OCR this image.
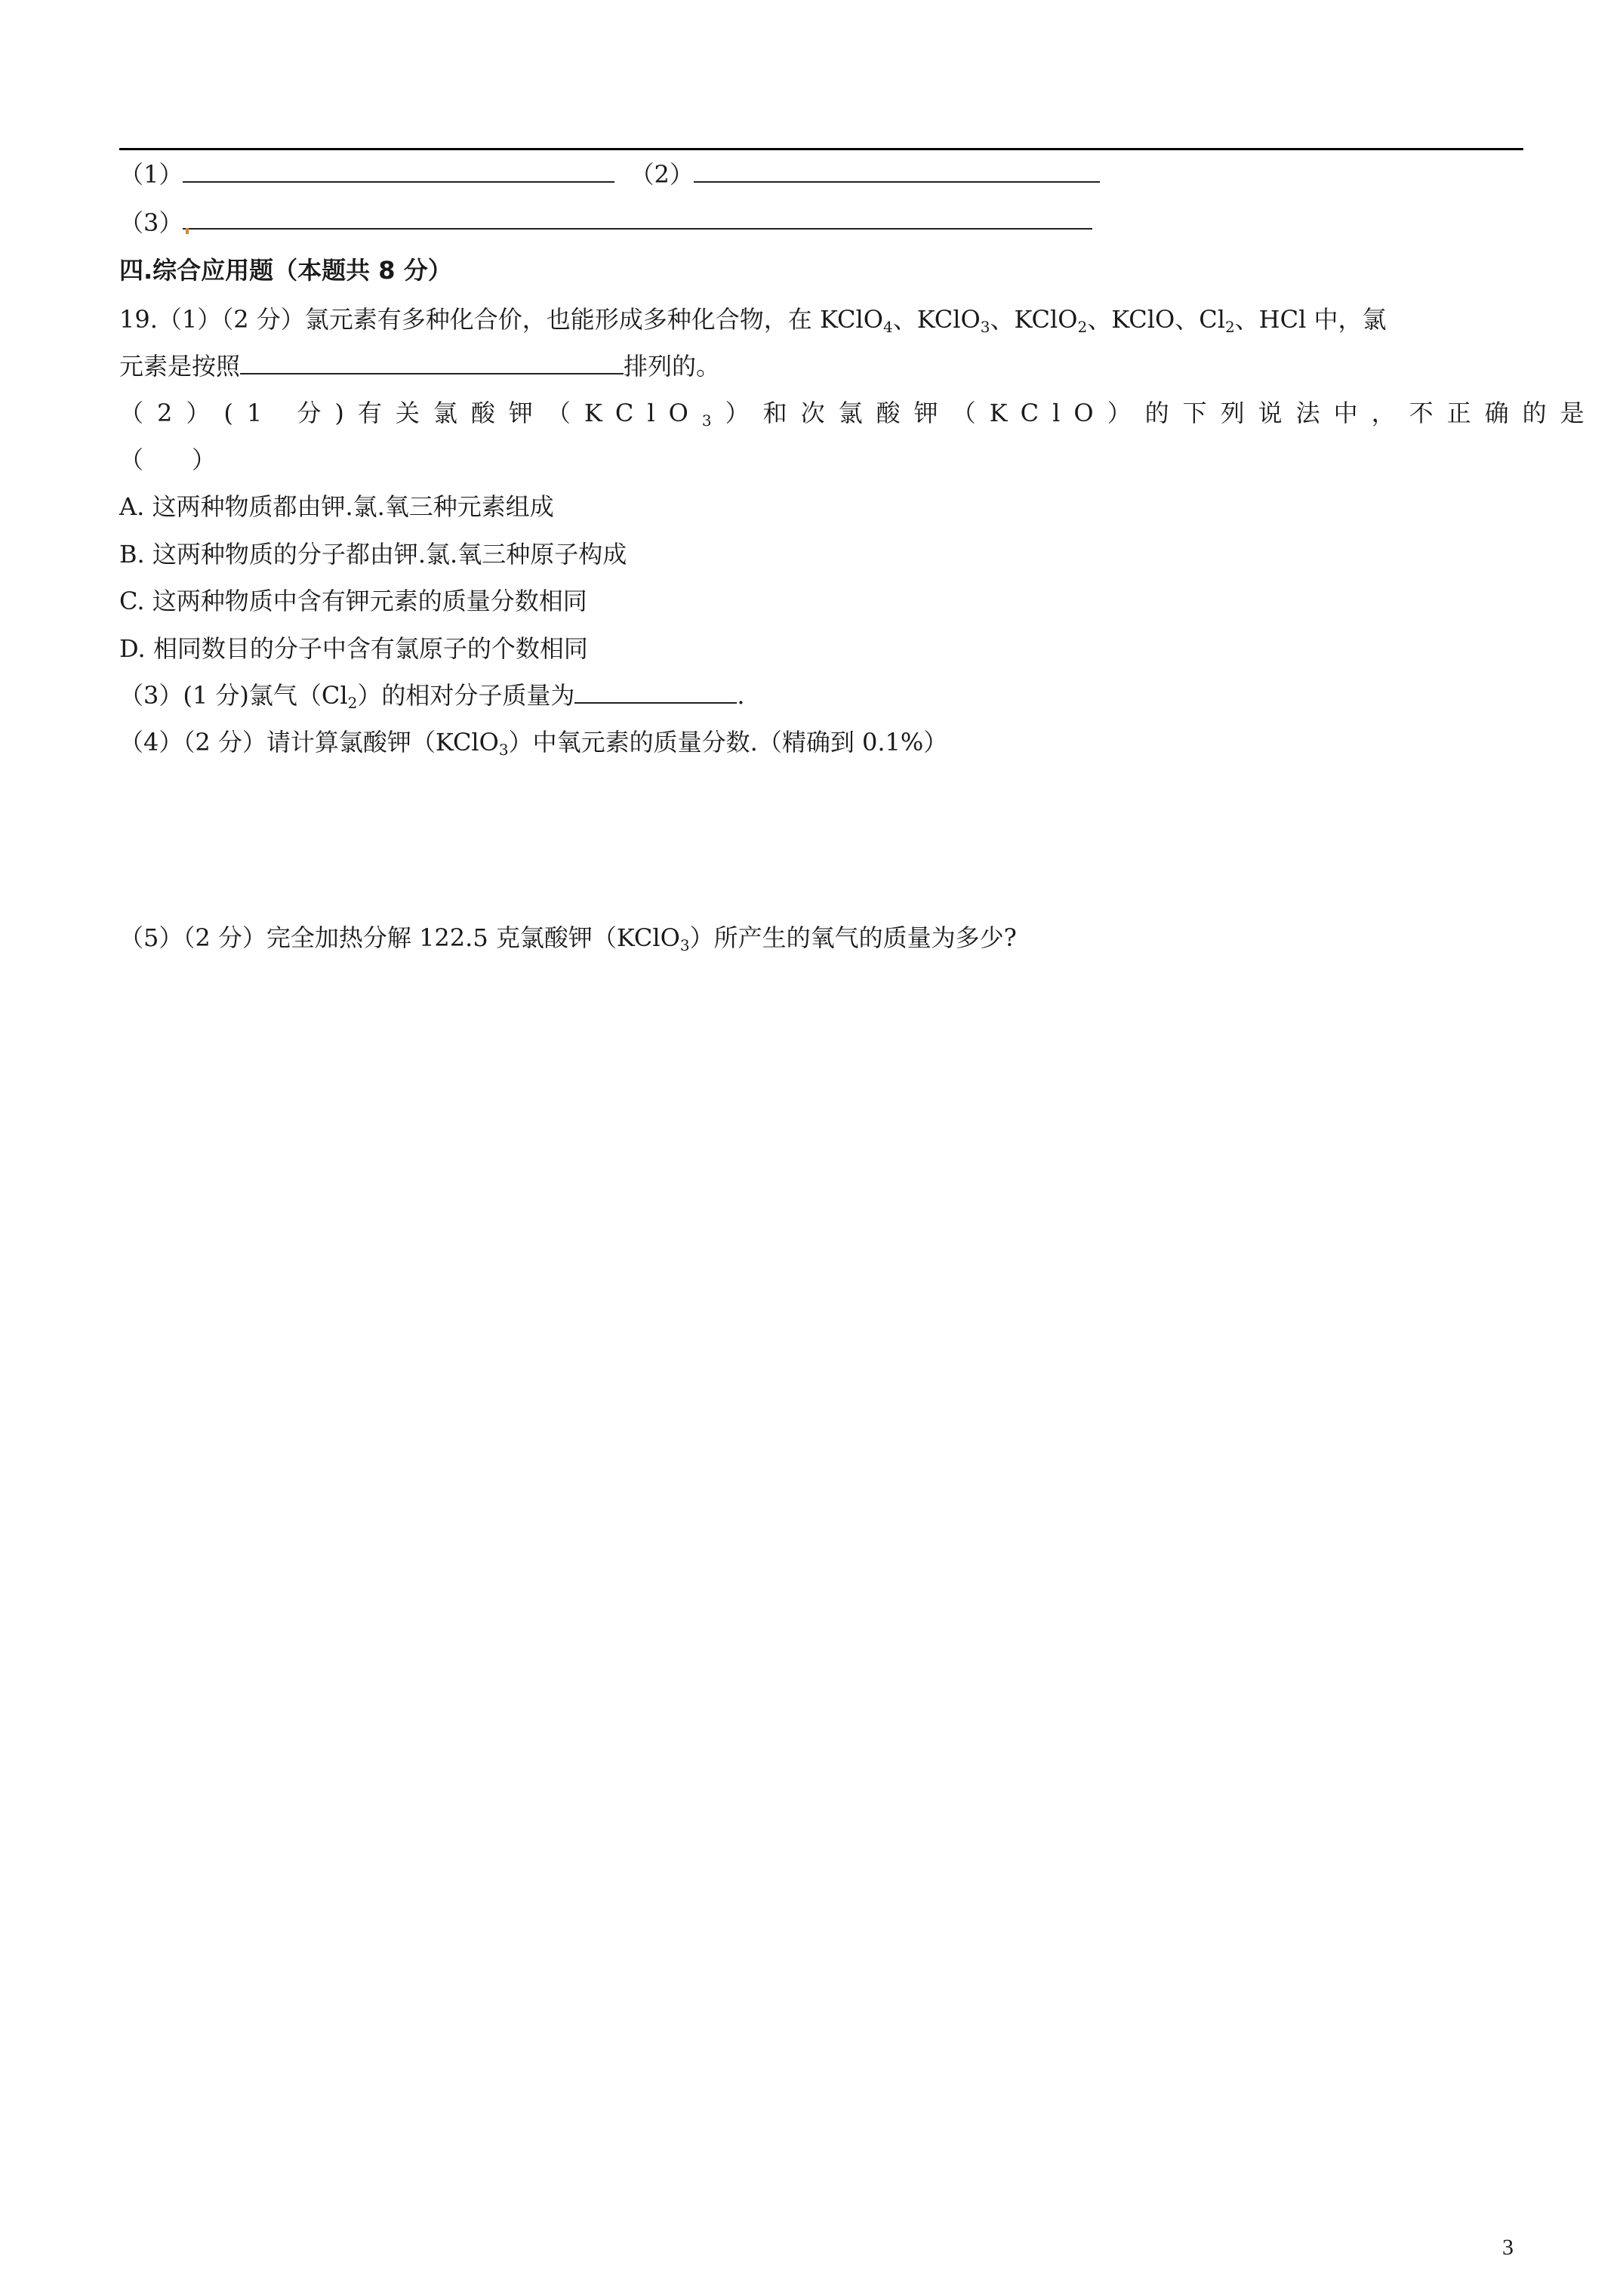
（1）	（2）
（3）
四.综合应用题（本题共 8 分）
19.（1）（2 分）氯元素有多种化合价，也能形成多种化合物，在 KClO$_4$、KClO$_3$、KClO$_2$、KClO、$Cl_2$、HCl 中，氯
元素是按照	排列的。
（2）(1 分)有关氯酸钾（KClO$_3$）和次氯酸钾（KClO）的下列说法中，不正确的是
（　　）
A. 这两种物质都由钾.氯.氧三种元素组成
B. 这两种物质的分子都由钾.氯.氧三种原子构成
C. 这两种物质中含有钾元素的质量分数相同
D. 相同数目的分子中含有氯原子的个数相同
（3）(1 分)氯气$(Cl_2)$的相对分子质量为	.
（4）（2 分）请计算氯酸钾（KClO$_3$）中氧元素的质量分数.（精确到 0.1%）
（5）（2 分）完全加热分解 122.5 克氯酸钾（KClO$_3$）所产生的氧气的质量为多少?
3
